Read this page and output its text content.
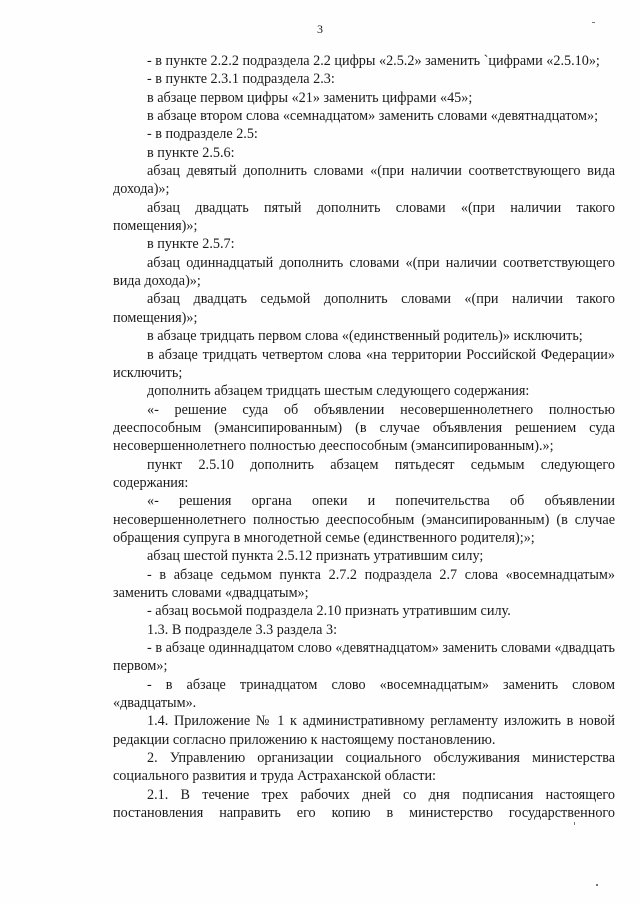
3

- в пункте 2.2.2 подраздела 2.2 цифры «2.5.2» заменить `цифрами «2.5.10»;

- в пункте 2.3.1 подраздела 2.3:

в абзаце первом цифры «21» заменить цифрами «45»;

в абзаце втором слова «семнадцатом» заменить словами «девятнадцатом»;

- в подразделе 2.5:

в пункте 2.5.6:

абзац девятый дополнить словами «(при наличии соответствующего вида дохода)»;

абзац двадцать пятый дополнить словами «(при наличии такого помещения)»;

в пункте 2.5.7:

абзац одиннадцатый дополнить словами «(при наличии соответствующего вида дохода)»;

абзац двадцать седьмой дополнить словами «(при наличии такого помещения)»;

в абзаце тридцать первом слова «(единственный родитель)» исключить;

в абзаце тридцать четвертом слова «на территории Российской Федерации» исключить;

дополнить абзацем тридцать шестым следующего содержания:

«- решение суда об объявлении несовершеннолетнего полностью дееспособным (эмансипированным) (в случае объявления решением суда несовершеннолетнего полностью дееспособным (эмансипированным).»;

пункт 2.5.10 дополнить абзацем пятьдесят седьмым следующего содержания:

«- решения органа опеки и попечительства об объявлении несовершеннолетнего полностью дееспособным (эмансипированным) (в случае обращения супруга в многодетной семье (единственного родителя);»;

абзац шестой пункта 2.5.12 признать утратившим силу;

- в абзаце седьмом пункта 2.7.2 подраздела 2.7 слова «восемнадцатым» заменить словами «двадцатым»;

- абзац восьмой подраздела 2.10 признать утратившим силу.

1.3. В подразделе 3.3 раздела 3:

- в абзаце одиннадцатом слово «девятнадцатом» заменить словами «двадцать первом»;

- в абзаце тринадцатом слово «восемнадцатым» заменить словом «двадцатым».

1.4. Приложение № 1 к административному регламенту изложить в новой редакции согласно приложению к настоящему постановлению.

2. Управлению организации социального обслуживания министерства социального развития и труда Астраханской области:

2.1. В течение трех рабочих дней со дня подписания настоящего постановления направить его копию в министерство государственного
